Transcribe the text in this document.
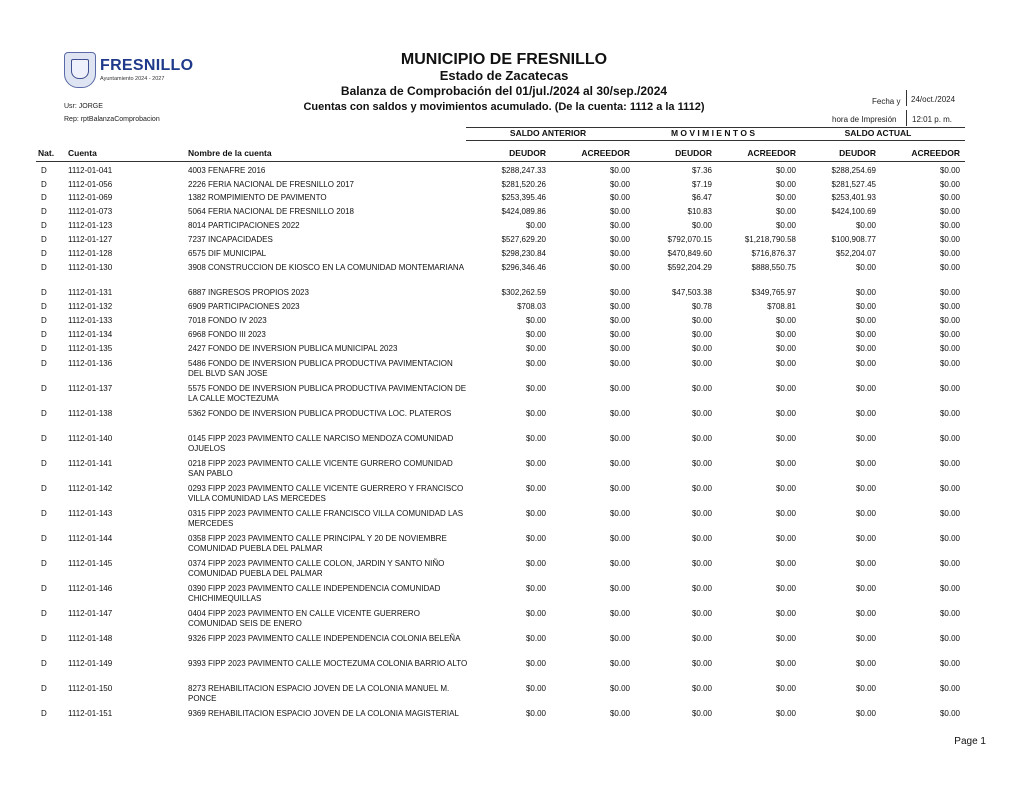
FRESNILLO
Ayuntamiento 2024 - 2027
MUNICIPIO DE FRESNILLO
Estado de Zacatecas
Balanza de Comprobación del 01/jul./2024 al 30/sep./2024
Cuentas con saldos y movimientos acumulado. (De la cuenta: 1112 a la 1112)
Usr: JORGE
Rep: rptBalanzaComprobacion
Fecha y 24/oct./2024
hora de Impresión 12:01 p. m.
SALDO ANTERIOR	M O V I M I E N T O S	SALDO ACTUAL
Nat. Cuenta	Nombre de la cuenta	DEUDOR	ACREEDOR	DEUDOR	ACREEDOR	DEUDOR	ACREEDOR
D	1112-01-041	4003 FENAFRE 2016	$288,247.33	$0.00	$7.36	$0.00	$288,254.69	$0.00
D	1112-01-056	2226 FERIA NACIONAL DE FRESNILLO 2017	$281,520.26	$0.00	$7.19	$0.00	$281,527.45	$0.00
D	1112-01-069	1382 ROMPIMIENTO DE PAVIMENTO	$253,395.46	$0.00	$6.47	$0.00	$253,401.93	$0.00
D	1112-01-073	5064 FERIA NACIONAL DE FRESNILLO 2018	$424,089.86	$0.00	$10.83	$0.00	$424,100.69	$0.00
D	1112-01-123	8014 PARTICIPACIONES 2022	$0.00	$0.00	$0.00	$0.00	$0.00	$0.00
D	1112-01-127	7237 INCAPACIDADES	$527,629.20	$0.00	$792,070.15	$1,218,790.58	$100,908.77	$0.00
D	1112-01-128	6575 DIF MUNICIPAL	$298,230.84	$0.00	$470,849.60	$716,876.37	$52,204.07	$0.00
D	1112-01-130	3908 CONSTRUCCION DE KIOSCO EN LA COMUNIDAD MONTEMARIANA	$296,346.46	$0.00	$592,204.29	$888,550.75	$0.00	$0.00
D	1112-01-131	6887 INGRESOS PROPIOS 2023	$302,262.59	$0.00	$47,503.38	$349,765.97	$0.00	$0.00
D	1112-01-132	6909 PARTICIPACIONES 2023	$708.03	$0.00	$0.78	$708.81	$0.00	$0.00
D	1112-01-133	7018 FONDO IV 2023	$0.00	$0.00	$0.00	$0.00	$0.00	$0.00
D	1112-01-134	6968 FONDO III 2023	$0.00	$0.00	$0.00	$0.00	$0.00	$0.00
D	1112-01-135	2427 FONDO DE INVERSION PUBLICA MUNICIPAL 2023	$0.00	$0.00	$0.00	$0.00	$0.00	$0.00
D	1112-01-136	5486 FONDO DE INVERSION PUBLICA PRODUCTIVA PAVIMENTACION DEL BLVD SAN JOSE
$0.00	$0.00	$0.00	$0.00	$0.00	$0.00
D	1112-01-137	5575 FONDO DE INVERSION PUBLICA PRODUCTIVA PAVIMENTACION DE LA CALLE MOCTEZUMA
$0.00	$0.00	$0.00	$0.00	$0.00	$0.00
D	1112-01-138	5362 FONDO DE INVERSION PUBLICA PRODUCTIVA LOC. PLATEROS	$0.00	$0.00	$0.00	$0.00	$0.00	$0.00
D	1112-01-140	0145 FIPP 2023 PAVIMENTO CALLE NARCISO MENDOZA COMUNIDAD OJUELOS
$0.00	$0.00	$0.00	$0.00	$0.00	$0.00
D	1112-01-141	0218 FIPP 2023 PAVIMENTO CALLE VICENTE GURRERO COMUNIDAD SAN PABLO
$0.00	$0.00	$0.00	$0.00	$0.00	$0.00
D	1112-01-142	0293 FIPP 2023 PAVIMENTO CALLE VICENTE GUERRERO Y FRANCISCO VILLA COMUNIDAD LAS MERCEDES
$0.00	$0.00	$0.00	$0.00	$0.00	$0.00
D	1112-01-143	0315 FIPP 2023 PAVIMENTO CALLE FRANCISCO VILLA COMUNIDAD LAS MERCEDES
$0.00	$0.00	$0.00	$0.00	$0.00	$0.00
D	1112-01-144	0358 FIPP 2023 PAVIMENTO CALLE PRINCIPAL Y 20 DE NOVIEMBRE COMUNIDAD PUEBLA DEL PALMAR
$0.00	$0.00	$0.00	$0.00	$0.00	$0.00
D	1112-01-145	0374 FIPP 2023 PAVIMENTO CALLE COLON, JARDIN Y SANTO NIÑO COMUNIDAD PUEBLA DEL PALMAR
$0.00	$0.00	$0.00	$0.00	$0.00	$0.00
D	1112-01-146	0390 FIPP 2023 PAVIMENTO CALLE INDEPENDENCIA COMUNIDAD CHICHIMEQUILLAS
$0.00	$0.00	$0.00	$0.00	$0.00	$0.00
D	1112-01-147	0404 FIPP 2023 PAVIMENTO EN CALLE VICENTE GUERRERO COMUNIDAD SEIS DE ENERO
$0.00	$0.00	$0.00	$0.00	$0.00	$0.00
D	1112-01-148	9326 FIPP 2023 PAVIMENTO CALLE INDEPENDENCIA COLONIA BELEÑA	$0.00	$0.00	$0.00	$0.00	$0.00	$0.00
D	1112-01-149	9393 FIPP 2023 PAVIMENTO CALLE MOCTEZUMA COLONIA BARRIO ALTO	$0.00	$0.00	$0.00	$0.00	$0.00	$0.00
D	1112-01-150	8273 REHABILITACION ESPACIO JOVEN DE LA COLONIA MANUEL M. PONCE
$0.00	$0.00	$0.00	$0.00	$0.00	$0.00
D	1112-01-151	9369 REHABILITACION ESPACIO JOVEN DE LA COLONIA MAGISTERIAL	$0.00	$0.00	$0.00	$0.00	$0.00	$0.00
Page 1
